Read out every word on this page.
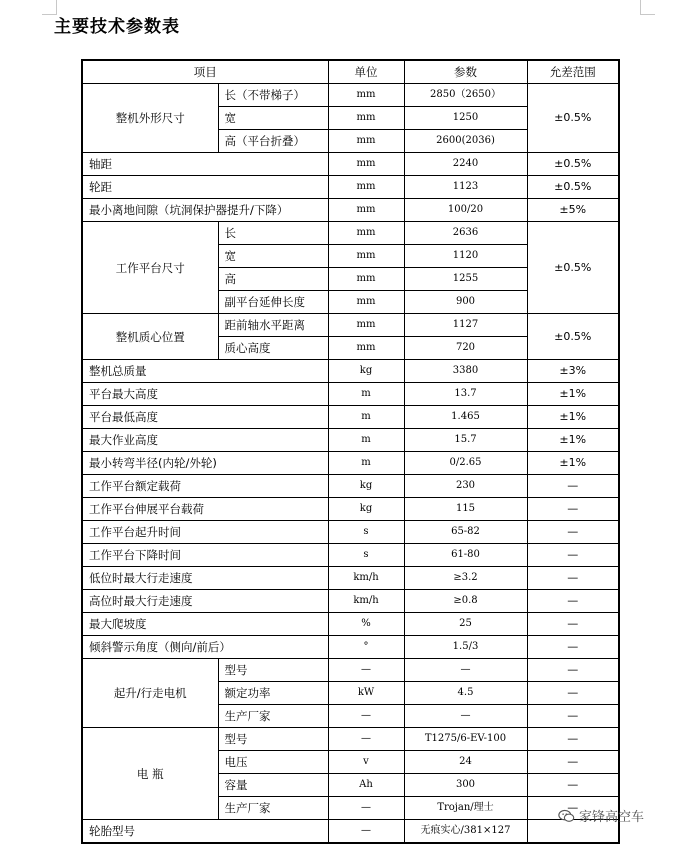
主要技术参数表
项目		单位	参数	允差范围
整机外形尺寸	长（不带梯子）	mm	2850（2650）	±0.5%
	宽	mm	1250	
	高（平台折叠）	mm	2600(2036)	
轴距		mm	2240	±0.5%
轮距		mm	1123	±0.5%
最小离地间隙（坑洞保护器提升/下降）		mm	100/20	±5%
工作平台尺寸	长	mm	2636	±0.5%
	宽	mm	1120	
	高	mm	1255	
	副平台延伸长度	mm	900	
整机质心位置	距前轴水平距离	mm	1127	±0.5%
	质心高度	mm	720	
整机总质量		kg	3380	±3%
平台最大高度		m	13.7	±1%
平台最低高度		m	1.465	±1%
最大作业高度		m	15.7	±1%
最小转弯半径(内轮/外轮)		m	0/2.65	±1%
工作平台额定载荷		kg	230	—
工作平台伸展平台载荷		kg	115	—
工作平台起升时间		s	65-82	—
工作平台下降时间		s	61-80	—
低位时最大行走速度		km/h	≥3.2	—
高位时最大行走速度		km/h	≥0.8	—
最大爬坡度		%	25	—
倾斜警示角度（侧向/前后）		°	1.5/3	—
起升/行走电机	型号	—	—	—
	额定功率	kW	4.5	—
	生产厂家	—	—	—
电 瓶	型号	—	T1275/6-EV-100	—
	电压	v	24	—
	容量	Ah	300	—
	生产厂家	—	Trojan/理士	—
轮胎型号		—	无痕实心/381×127	
家锋高空车
